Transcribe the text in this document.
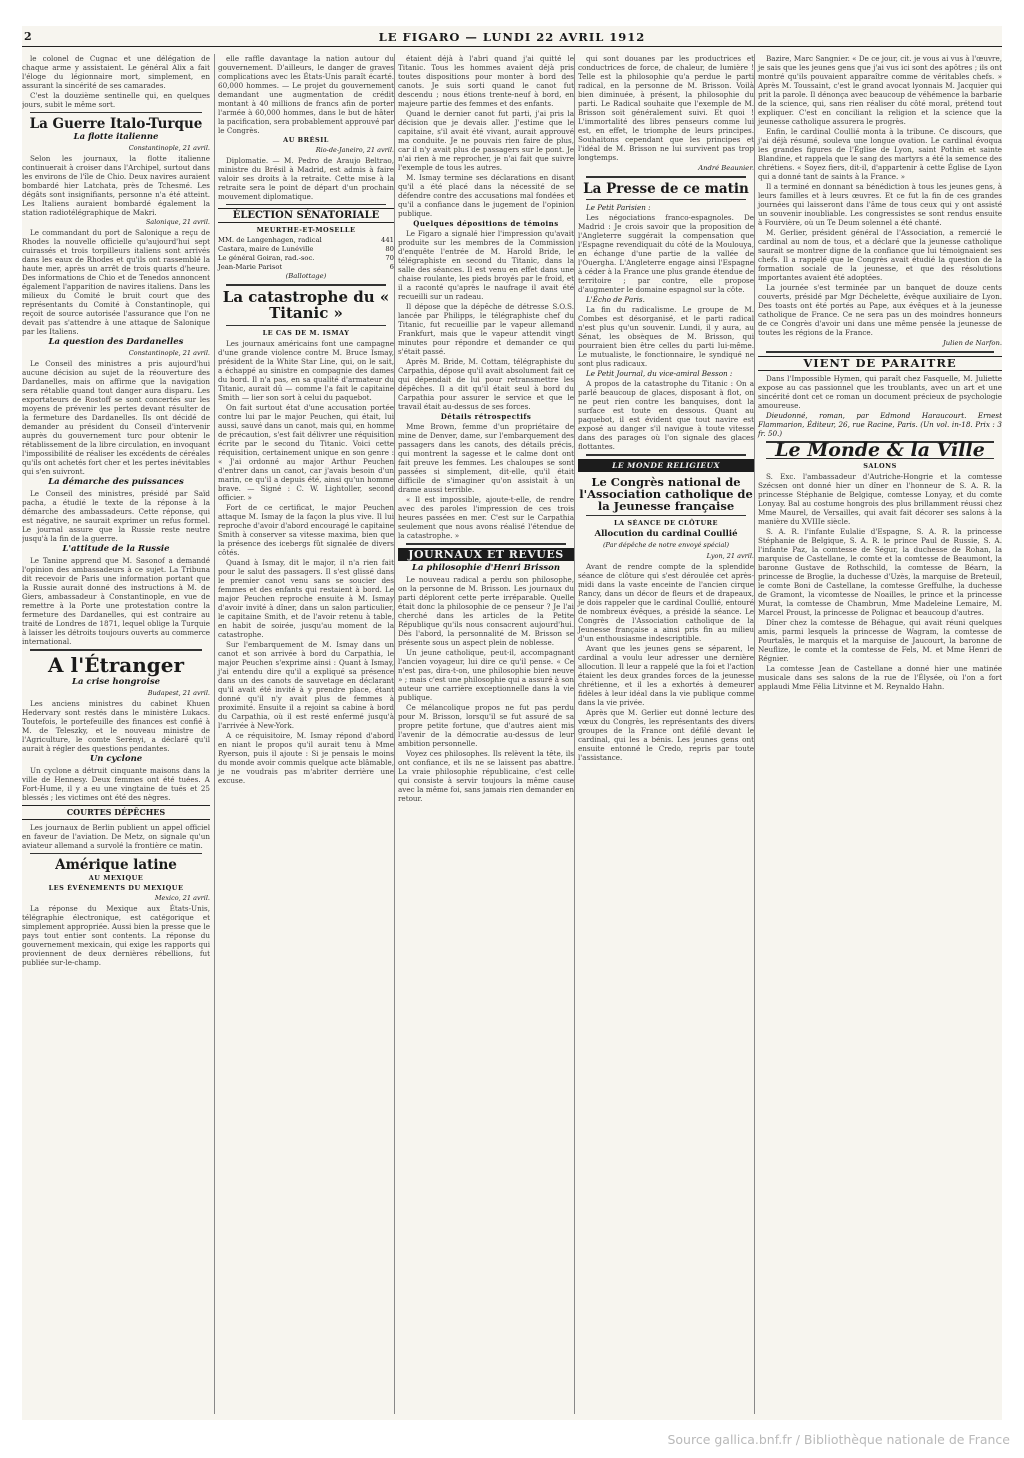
2	LE FIGARO — LUNDI 22 AVRIL 1912

le colonel de Cugnac et une délégation de chaque arme y assistaient. Le général Alix a fait l'éloge du légionnaire mort, simplement, en assurant la sincérité de ses camarades.

C'est la douzième sentinelle qui, en quelques jours, subit le même sort.

La Guerre Italo-Turque
La flotte italienne
Constantinople, 21 avril.

Selon les journaux, la flotte italienne continuerait à croiser dans l'Archipel, surtout dans les environs de l'île de Chio. Deux navires auraient bombardé hier Latchata, près de Tchesmé. Les dégâts sont insignifiants, personne n'a été atteint. Les Italiens auraient bombardé également la station radiotélégraphique de Makri.

Salonique, 21 avril.

Le commandant du port de Salonique a reçu de Rhodes la nouvelle officielle qu'aujourd'hui sept cuirassés et trois torpilleurs italiens sont arrivés dans les eaux de Rhodes et qu'ils ont rassemblé la haute mer, après un arrêt de trois quarts d'heure. Des informations de Chio et de Tenedos annoncent également l'apparition de navires italiens. Dans les milieux du Comité le bruit court que des représentants du Comité à Constantinople, qui reçoit de source autorisée l'assurance que l'on ne devait pas s'attendre à une attaque de Salonique par les Italiens.

La question des Dardanelles
Constantinople, 21 avril.

Le Conseil des ministres a pris aujourd'hui aucune décision au sujet de la réouverture des Dardanelles, mais on affirme que la navigation sera rétablie quand tout danger aura disparu. Les exportateurs de Rostoff se sont concertés sur les moyens de prévenir les pertes devant résulter de la fermeture des Dardanelles. Ils ont décidé de demander au président du Conseil d'intervenir auprès du gouvernement turc pour obtenir le rétablissement de la libre circulation, en invoquant l'impossibilité de réaliser les excédents de céréales qu'ils ont achetés fort cher et les pertes inévitables qui s'en suivront.

La démarche des puissances

Le Conseil des ministres, présidé par Saïd pacha, a étudié le texte de la réponse à la démarche des ambassadeurs. Cette réponse, qui est négative, ne saurait exprimer un refus formel. Le journal assure que la Russie reste neutre jusqu'à la fin de la guerre.

L'attitude de la Russie

Le Tanine apprend que M. Sasonof a demandé l'opinion des ambassadeurs à ce sujet. La Tribuna dit recevoir de Paris une information portant que la Russie aurait donné des instructions à M. de Giers, ambassadeur à Constantinople, en vue de remettre à la Porte une protestation contre la fermeture des Dardanelles, qui est contraire au traité de Londres de 1871, lequel oblige la Turquie à laisser les détroits toujours ouverts au commerce international.

A l'Étranger
La crise hongroise
Budapest, 21 avril.

Les anciens ministres du cabinet Khuen Hedervary sont restés dans le ministère Lukacs. Toutefois, le portefeuille des finances est confié à M. de Teleszky, et le nouveau ministre de l'Agriculture, le comte Serényi, a déclaré qu'il aurait à régler des questions pendantes.

Un cyclone

Un cyclone a détruit cinquante maisons dans la ville de Hennesy. Deux femmes ont été tuées. A Fort-Hume, il y a eu une vingtaine de tués et 25 blessés ; les victimes ont été des nègres.

COURTES DÉPÊCHES

Les journaux de Berlin publient un appel officiel en faveur de l'aviation. De Metz, on signale qu'un aviateur allemand a survolé la frontière ce matin.

Amérique latine
AU MEXIQUE
LES ÉVÉNEMENTS DU MEXIQUE
Mexico, 21 avril.

La réponse du Mexique aux États-Unis, télégraphie électronique, est catégorique et simplement appropriée. Aussi bien la presse que le pays tout entier sont contents. La réponse du gouvernement mexicain, qui exige les rapports qui proviennent de deux dernières rébellions, fut publiée sur-le-champ.

elle raffle davantage la nation autour du gouvernement. D'ailleurs, le danger de graves complications avec les États-Unis paraît écarté. 60,000 hommes. — Le projet du gouvernement demandant une augmentation de crédit montant à 40 millions de francs afin de porter l'armée à 60,000 hommes, dans le but de hâter la pacification, sera probablement approuvé par le Congrès.

AU BRÉSIL
Rio-de-Janeiro, 21 avril.

Diplomatie. — M. Pedro de Araujo Beltrao, ministre du Brésil à Madrid, est admis à faire valoir ses droits à la retraite. Cette mise à la retraite sera le point de départ d'un prochain mouvement diplomatique.

ÉLECTION SÉNATORIALE
MEURTHE-ET-MOSELLE
MM. de Langenhagen, radical	441
Castara, maire de Lunéville	80
Le général Goiran, rad.-soc.	70
Jean-Marie Parisot	6
(Ballottage)
La catastrophe du « Titanic »
LE CAS DE M. ISMAY

Les journaux américains font une campagne d'une grande violence contre M. Bruce Ismay, président de la White Star Line, qui, on le sait, a échappé au sinistre en compagnie des dames du bord. Il n'a pas, en sa qualité d'armateur du Titanic, aurait dû — comme l'a fait le capitaine Smith — lier son sort à celui du paquebot.

On fait surtout état d'une accusation portée contre lui par le major Peuchen, qui était, lui aussi, sauvé dans un canot, mais qui, en homme de précaution, s'est fait délivrer une réquisition écrite par le second du Titanic. Voici cette réquisition, certainement unique en son genre : « J'ai ordonné au major Arthur Peuchen d'entrer dans un canot, car j'avais besoin d'un marin, ce qu'il a depuis été, ainsi qu'un homme brave. — Signé : C. W. Lightoller, second officier. »

Fort de ce certificat, le major Peuchen attaque M. Ismay de la façon la plus vive. Il lui reproche d'avoir d'abord encouragé le capitaine Smith à conserver sa vitesse maxima, bien que la présence des icebergs fût signalée de divers côtés.

Quand à Ismay, dit le major, il n'a rien fait pour le salut des passagers. Il s'est glissé dans le premier canot venu sans se soucier des femmes et des enfants qui restaient à bord. Le major Peuchen reproche ensuite à M. Ismay d'avoir invité à dîner, dans un salon particulier, le capitaine Smith, et de l'avoir retenu à table, en habit de soirée, jusqu'au moment de la catastrophe.

Sur l'embarquement de M. Ismay dans un canot et son arrivée à bord du Carpathia, le major Peuchen s'exprime ainsi : Quant à Ismay, j'ai entendu dire qu'il a expliqué sa présence dans un des canots de sauvetage en déclarant qu'il avait été invité à y prendre place, étant donné qu'il n'y avait plus de femmes à proximité. Ensuite il a rejoint sa cabine à bord du Carpathia, où il est resté enfermé jusqu'à l'arrivée à New-York.

A ce réquisitoire, M. Ismay répond d'abord en niant le propos qu'il aurait tenu à Mme Ryerson, puis il ajoute : Si je pensais le moins du monde avoir commis quelque acte blâmable, je ne voudrais pas m'abriter derrière une excuse.

étaient déjà à l'abri quand j'ai quitté le Titanic. Tous les hommes avaient déjà pris toutes dispositions pour monter à bord des canots. Je suis sorti quand le canot fut descendu ; nous étions trente-neuf à bord, en majeure partie des femmes et des enfants.

Quand le dernier canot fut parti, j'ai pris la décision que je devais aller. J'estime que le capitaine, s'il avait été vivant, aurait approuvé ma conduite. Je ne pouvais rien faire de plus, car il n'y avait plus de passagers sur le pont. Je n'ai rien à me reprocher, je n'ai fait que suivre l'exemple de tous les autres.

M. Ismay termine ses déclarations en disant qu'il a été placé dans la nécessité de se défendre contre des accusations mal fondées et qu'il a confiance dans le jugement de l'opinion publique.

Quelques dépositions de témoins

Le Figaro a signalé hier l'impression qu'avait produite sur les membres de la Commission d'enquête l'entrée de M. Harold Bride, le télégraphiste en second du Titanic, dans la salle des séances. Il est venu en effet dans une chaise roulante, les pieds broyés par le froid, et il a raconté qu'après le naufrage il avait été recueilli sur un radeau.

Il dépose que la dépêche de détresse S.O.S. lancée par Philipps, le télégraphiste chef du Titanic, fut recueillie par le vapeur allemand Frankfurt, mais que le vapeur attendit vingt minutes pour répondre et demander ce qui s'était passé.

Après M. Bride, M. Cottam, télégraphiste du Carpathia, dépose qu'il avait absolument fait ce qui dépendait de lui pour retransmettre les dépêches. Il a dit qu'il était seul à bord du Carpathia pour assurer le service et que le travail était au-dessus de ses forces.

Détails rétrospectifs

Mme Brown, femme d'un propriétaire de mine de Denver, dame, sur l'embarquement des passagers dans les canots, des détails précis, qui montrent la sagesse et le calme dont ont fait preuve les femmes. Les chaloupes se sont passées si simplement, dit-elle, qu'il était difficile de s'imaginer qu'on assistait à un drame aussi terrible.

« Il est impossible, ajoute-t-elle, de rendre avec des paroles l'impression de ces trois heures passées en mer. C'est sur le Carpathia seulement que nous avons réalisé l'étendue de la catastrophe. »

JOURNAUX ET REVUES
La philosophie d'Henri Brisson

Le nouveau radical a perdu son philosophe, on la personne de M. Brisson. Les journaux du parti déplorent cette perte irréparable. Quelle était donc la philosophie de ce penseur ? Je l'ai cherché dans les articles de la Petite République qu'ils nous consacrent aujourd'hui. Dès l'abord, la personnalité de M. Brisson se présente sous un aspect plein de noblesse.

Un jeune catholique, peut-il, accompagnant l'ancien voyageur, lui dire ce qu'il pense. « Ce n'est pas, dira-t-on, une philosophie bien neuve » ; mais c'est une philosophie qui a assuré à son auteur une carrière exceptionnelle dans la vie publique.

Ce mélancolique propos ne fut pas perdu pour M. Brisson, lorsqu'il se fut assuré de sa propre petite fortune, que d'autres aient mis l'avenir de la démocratie au-dessus de leur ambition personnelle.

Voyez ces philosophes. Ils relèvent la tête, ils ont confiance, et ils ne se laissent pas abattre. La vraie philosophie républicaine, c'est celle qui consiste à servir toujours la même cause avec la même foi, sans jamais rien demander en retour.

qui sont douanes par les productrices et conductrices de force, de chaleur, de lumière ! Telle est la philosophie qu'a perdue le parti radical, en la personne de M. Brisson. Voilà bien diminuée, à présent, la philosophie du parti. Le Radical souhaite que l'exemple de M. Brisson soit généralement suivi. Et quoi ! L'immortalité des libres penseurs comme lui est, en effet, le triomphe de leurs principes. Souhaitons cependant que les principes et l'idéal de M. Brisson ne lui survivent pas trop longtemps.

André Beaunier.
La Presse de ce matin

Le Petit Parisien :

Les négociations franco-espagnoles. De Madrid : Je crois savoir que la proposition de l'Angleterre suggérait la compensation que l'Espagne revendiquait du côté de la Moulouya, en échange d'une partie de la vallée de l'Ouergha. L'Angleterre engage ainsi l'Espagne à céder à la France une plus grande étendue de territoire ; par contre, elle propose d'augmenter le domaine espagnol sur la côte.

L'Écho de Paris.

La fin du radicalisme. Le groupe de M. Combes est désorganisé, et le parti radical n'est plus qu'un souvenir. Lundi, il y aura, au Sénat, les obsèques de M. Brisson, qui pourraient bien être celles du parti lui-même. Le mutualiste, le fonctionnaire, le syndiqué ne sont plus radicaux.

Le Petit Journal, du vice-amiral Besson :

A propos de la catastrophe du Titanic : On a parlé beaucoup de glaces, disposant à flot, on ne peut rien contre les banquises, dont la surface est toute en dessous. Quant au paquebot, il est évident que tout navire est exposé au danger s'il navigue à toute vitesse dans des parages où l'on signale des glaces flottantes.

LE MONDE RELIGIEUX
Le Congrès national de l'Association catholique de la Jeunesse française
LA SÉANCE DE CLÔTURE
Allocution du cardinal Coullié
(Par dépêche de notre envoyé spécial)
Lyon, 21 avril.

Avant de rendre compte de la splendide séance de clôture qui s'est déroulée cet après-midi dans la vaste enceinte de l'ancien cirque Rancy, dans un décor de fleurs et de drapeaux, je dois rappeler que le cardinal Coullié, entouré de nombreux évêques, a présidé la séance. Le Congrès de l'Association catholique de la Jeunesse française a ainsi pris fin au milieu d'un enthousiasme indescriptible.

Avant que les jeunes gens se séparent, le cardinal a voulu leur adresser une dernière allocution. Il leur a rappelé que la foi et l'action étaient les deux grandes forces de la jeunesse chrétienne, et il les a exhortés à demeurer fidèles à leur idéal dans la vie publique comme dans la vie privée.

Après que M. Gerlier eut donné lecture des vœux du Congrès, les représentants des divers groupes de la France ont défilé devant le cardinal, qui les a bénis. Les jeunes gens ont ensuite entonné le Credo, repris par toute l'assistance.

Bazire, Marc Sangnier. « De ce jour, cit. je vous ai vus à l'œuvre, je sais que les jeunes gens que j'ai vus ici sont des apôtres ; ils ont montré qu'ils pouvaient apparaître comme de véritables chefs. » Après M. Toussaint, c'est le grand avocat lyonnais M. Jacquier qui prit la parole. Il dénonça avec beaucoup de véhémence la barbarie de la science, qui, sans rien réaliser du côté moral, prétend tout expliquer. C'est en conciliant la religion et la science que la jeunesse catholique assurera le progrès.

Enfin, le cardinal Coullié monta à la tribune. Ce discours, que j'ai déjà résumé, souleva une longue ovation. Le cardinal évoqua les grandes figures de l'Église de Lyon, saint Pothin et sainte Blandine, et rappela que le sang des martyrs a été la semence des chrétiens. « Soyez fiers, dit-il, d'appartenir à cette Église de Lyon qui a donné tant de saints à la France. »

Il a terminé en donnant sa bénédiction à tous les jeunes gens, à leurs familles et à leurs œuvres. Et ce fut la fin de ces grandes journées qui laisseront dans l'âme de tous ceux qui y ont assisté un souvenir inoubliable. Les congressistes se sont rendus ensuite à Fourvière, où un Te Deum solennel a été chanté.

M. Gerlier, président général de l'Association, a remercié le cardinal au nom de tous, et a déclaré que la jeunesse catholique saurait se montrer digne de la confiance que lui témoignaient ses chefs. Il a rappelé que le Congrès avait étudié la question de la formation sociale de la jeunesse, et que des résolutions importantes avaient été adoptées.

La journée s'est terminée par un banquet de douze cents couverts, présidé par Mgr Déchelette, évêque auxiliaire de Lyon. Des toasts ont été portés au Pape, aux évêques et à la jeunesse catholique de France. Ce ne sera pas un des moindres honneurs de ce Congrès d'avoir uni dans une même pensée la jeunesse de toutes les régions de la France.

Julien de Narfon.
VIENT DE PARAITRE

Dans l'Impossible Hymen, qui paraît chez Fasquelle, M. Juliette expose au cas passionnel que les troublants, avec un art et une sincérité dont cet ce roman un document précieux de psychologie amoureuse.

Dieudonné, roman, par Edmond Haraucourt. Ernest Flammarion, Éditeur, 26, rue Racine, Paris. (Un vol. in-18. Prix : 3 fr. 50.)

Le Monde & la Ville
SALONS

S. Exc. l'ambassadeur d'Autriche-Hongrie et la comtesse Szécsen ont donné hier un dîner en l'honneur de S. A. R. la princesse Stéphanie de Belgique, comtesse Lonyay, et du comte Lonyay. Bal au costume hongrois des plus brillamment réussi chez Mme Maurel, de Versailles, qui avait fait décorer ses salons à la manière du XVIIIe siècle.

S. A. R. l'infante Eulalie d'Espagne, S. A. R. la princesse Stéphanie de Belgique, S. A. R. le prince Paul de Russie, S. A. l'infante Paz, la comtesse de Ségur, la duchesse de Rohan, la marquise de Castellane, le comte et la comtesse de Beaumont, la baronne Gustave de Rothschild, la comtesse de Béarn, la princesse de Broglie, la duchesse d'Uzès, la marquise de Breteuil, le comte Boni de Castellane, la comtesse Greffulhe, la duchesse de Gramont, la vicomtesse de Noailles, le prince et la princesse Murat, la comtesse de Chambrun, Mme Madeleine Lemaire, M. Marcel Proust, la princesse de Polignac et beaucoup d'autres.

Dîner chez la comtesse de Béhague, qui avait réuni quelques amis, parmi lesquels la princesse de Wagram, la comtesse de Pourtalès, le marquis et la marquise de Jaucourt, la baronne de Neuflize, le comte et la comtesse de Fels, M. et Mme Henri de Régnier.

La comtesse Jean de Castellane a donné hier une matinée musicale dans ses salons de la rue de l'Élysée, où l'on a fort applaudi Mme Félia Litvinne et M. Reynaldo Hahn.

Source gallica.bnf.fr / Bibliothèque nationale de France
